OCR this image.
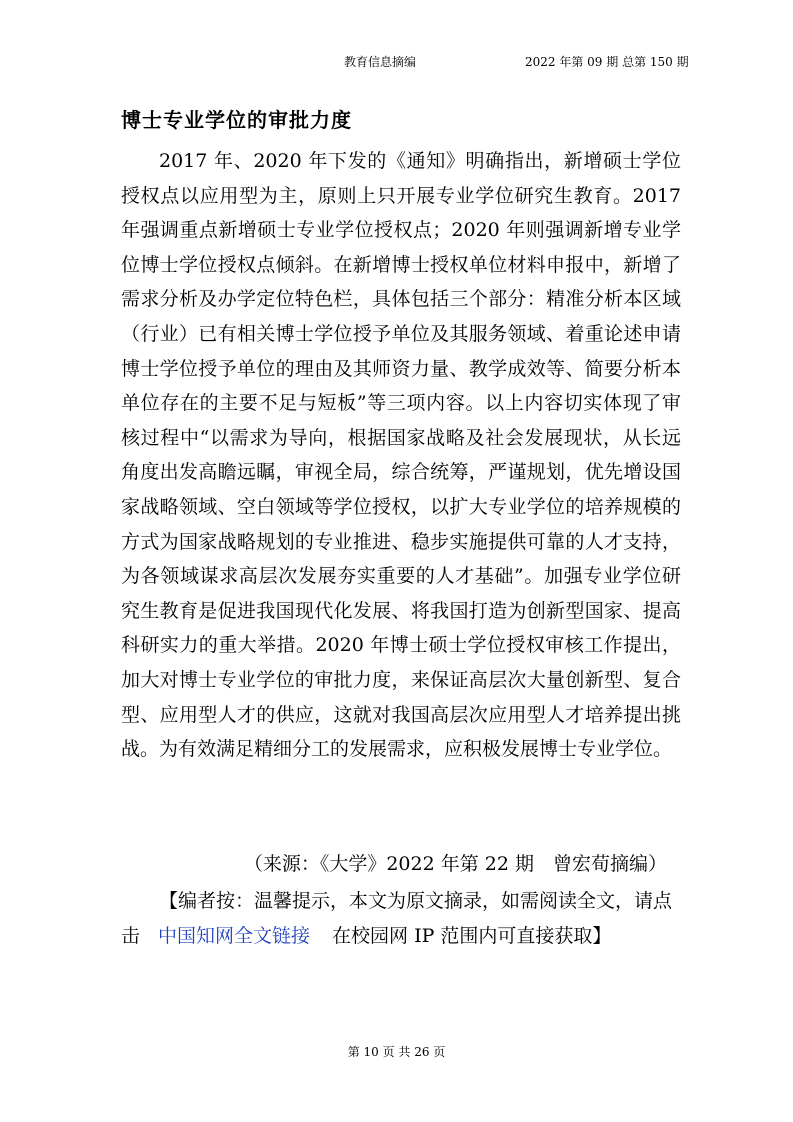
教育信息摘编	2022 年第 09 期 总第 150 期
博士专业学位的审批力度

2017 年、2020 年下发的《通知》明确指出，新增硕士学位授权点以应用型为主，原则上只开展专业学位研究生教育。2017 年强调重点新增硕士专业学位授权点；2020 年则强调新增专业学位博士学位授权点倾斜。在新增博士授权单位材料申报中，新增了需求分析及办学定位特色栏，具体包括三个部分：精准分析本区域（行业）已有相关博士学位授予单位及其服务领域、着重论述申请博士学位授予单位的理由及其师资力量、教学成效等、简要分析本单位存在的主要不足与短板”等三项内容。以上内容切实体现了审核过程中“以需求为导向，根据国家战略及社会发展现状，从长远角度出发高瞻远瞩，审视全局，综合统筹，严谨规划，优先增设国家战略领域、空白领域等学位授权，以扩大专业学位的培养规模的方式为国家战略规划的专业推进、稳步实施提供可靠的人才支持，为各领域谋求高层次发展夯实重要的人才基础”。加强专业学位研究生教育是促进我国现代化发展、将我国打造为创新型国家、提高科研实力的重大举措。2020 年博士硕士学位授权审核工作提出，加大对博士专业学位的审批力度，来保证高层次大量创新型、复合型、应用型人才的供应，这就对我国高层次应用型人才培养提出挑战。为有效满足精细分工的发展需求，应积极发展博士专业学位。

（来源：《大学》2022 年第 22 期　曾宏荀摘编）
【编者按：温馨提示，本文为原文摘录，如需阅读全文，请点击 中国知网全文链接 在校园网 IP 范围内可直接获取】
第 10 页 共 26 页
